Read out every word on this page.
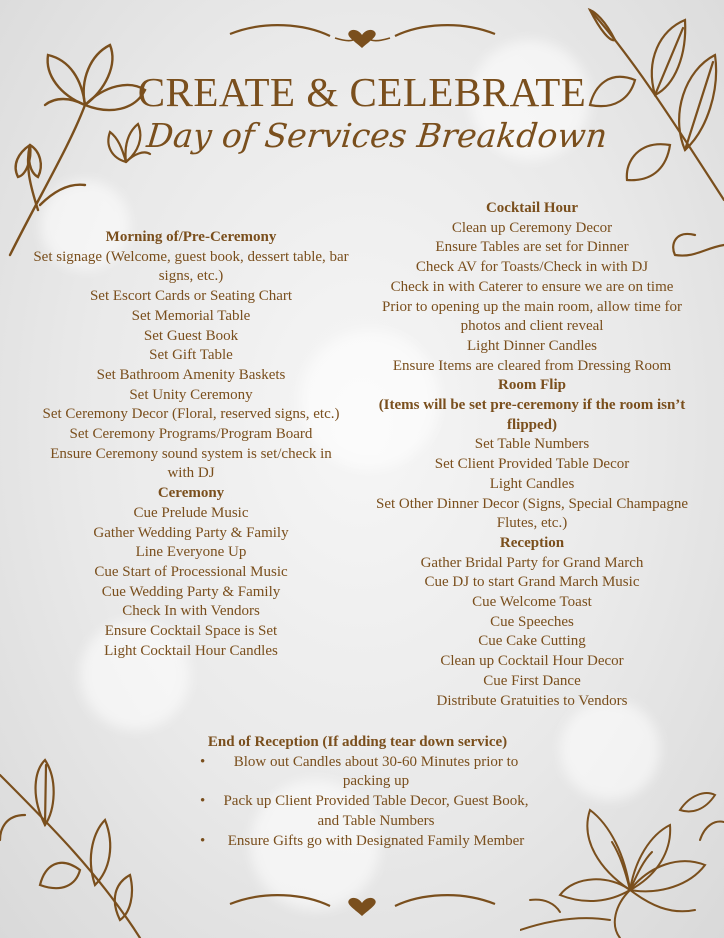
CREATE & CELEBRATE
Day of Services Breakdown
Morning of/Pre-Ceremony
Set signage (Welcome, guest book, dessert table, bar signs, etc.)
Set Escort Cards or Seating Chart
Set Memorial Table
Set Guest Book
Set Gift Table
Set Bathroom Amenity Baskets
Set Unity Ceremony
Set Ceremony Decor (Floral, reserved signs, etc.)
Set Ceremony Programs/Program Board
Ensure Ceremony sound system is set/check in with DJ
Ceremony
Cue Prelude Music
Gather Wedding Party & Family
Line Everyone Up
Cue Start of Processional Music
Cue Wedding Party & Family
Check In with Vendors
Ensure Cocktail Space is Set
Light Cocktail Hour Candles
Cocktail Hour
Clean up Ceremony Decor
Ensure Tables are set for Dinner
Check AV for Toasts/Check in with DJ
Check in with Caterer to ensure we are on time
Prior to opening up the main room, allow time for photos and client reveal
Light Dinner Candles
Ensure Items are cleared from Dressing Room
Room Flip
(Items will be set pre-ceremony if the room isn’t flipped)
Set Table Numbers
Set Client Provided Table Decor
Light Candles
Set Other Dinner Decor (Signs, Special Champagne Flutes, etc.)
Reception
Gather Bridal Party for Grand March
Cue DJ to start Grand March Music
Cue Welcome Toast
Cue Speeches
Cue Cake Cutting
Clean up Cocktail Hour Decor
Cue First Dance
Distribute Gratuities to Vendors
End of Reception (If adding tear down service)
• Blow out Candles about 30-60 Minutes prior to packing up
• Pack up Client Provided Table Decor, Guest Book, and Table Numbers
• Ensure Gifts go with Designated Family Member
